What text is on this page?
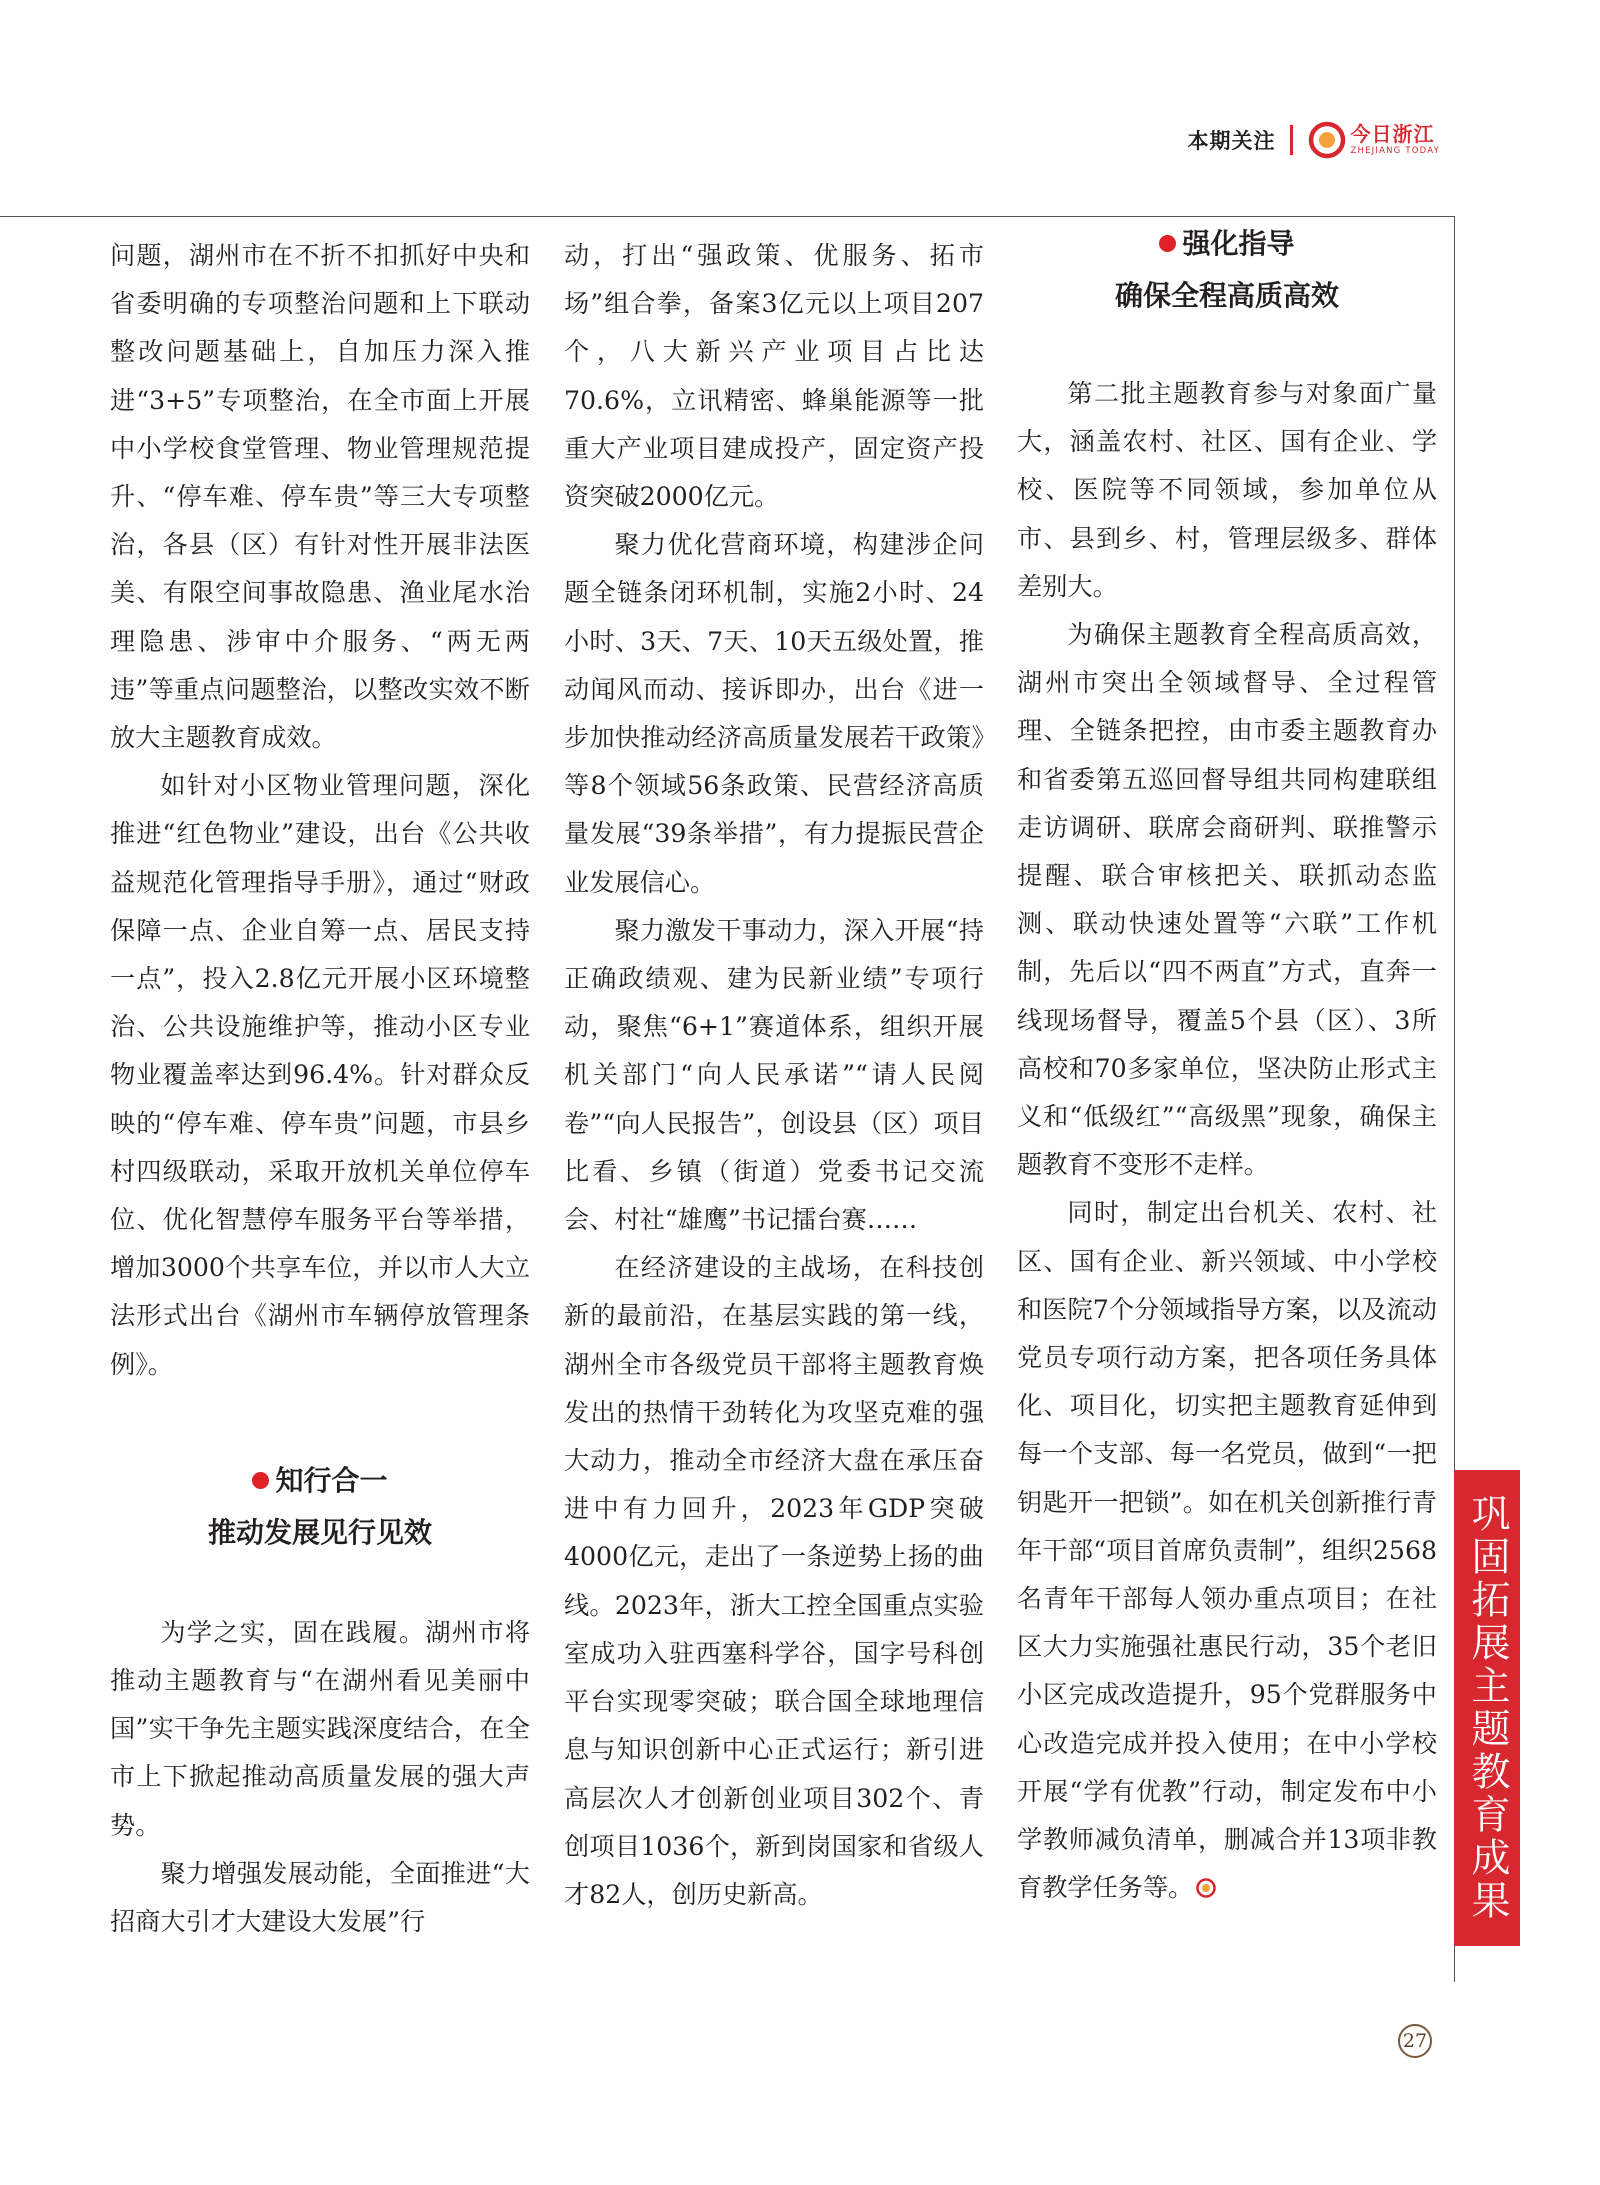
本期关注	今日浙江
ZHEJIANG TODAY

问题，湖州市在不折不扣抓好中央和省委明确的专项整治问题和上下联动整改问题基础上，自加压力深入推进“3+5”专项整治，在全市面上开展中小学校食堂管理、物业管理规范提升、“停车难、停车贵”等三大专项整治，各县（区）有针对性开展非法医美、有限空间事故隐患、渔业尾水治理隐患、涉审中介服务、“两无两违”等重点问题整治，以整改实效不断放大主题教育成效。

如针对小区物业管理问题，深化推进“红色物业”建设，出台《公共收益规范化管理指导手册》，通过“财政保障一点、企业自筹一点、居民支持一点”，投入2.8亿元开展小区环境整治、公共设施维护等，推动小区专业物业覆盖率达到96.4%。针对群众反映的“停车难、停车贵”问题，市县乡村四级联动，采取开放机关单位停车位、优化智慧停车服务平台等举措，增加3000个共享车位，并以市人大立法形式出台《湖州市车辆停放管理条例》。

知行合一
推动发展见行见效

为学之实，固在践履。湖州市将推动主题教育与“在湖州看见美丽中国”实干争先主题实践深度结合，在全市上下掀起推动高质量发展的强大声势。

聚力增强发展动能，全面推进“大招商大引才大建设大发展”行

动，打出“强政策、优服务、拓市场”组合拳，备案3亿元以上项目207个，八大新兴产业项目占比达70.6%，立讯精密、蜂巢能源等一批重大产业项目建成投产，固定资产投资突破2000亿元。

聚力优化营商环境，构建涉企问题全链条闭环机制，实施2小时、24小时、3天、7天、10天五级处置，推动闻风而动、接诉即办，出台《进一步加快推动经济高质量发展若干政策》等8个领域56条政策、民营经济高质量发展“39条举措”，有力提振民营企业发展信心。

聚力激发干事动力，深入开展“持正确政绩观、建为民新业绩”专项行动，聚焦“6+1”赛道体系，组织开展机关部门“向人民承诺”“请人民阅卷”“向人民报告”，创设县（区）项目比看、乡镇（街道）党委书记交流会、村社“雄鹰”书记擂台赛……

在经济建设的主战场，在科技创新的最前沿，在基层实践的第一线，湖州全市各级党员干部将主题教育焕发出的热情干劲转化为攻坚克难的强大动力，推动全市经济大盘在承压奋进中有力回升，2023年GDP突破4000亿元，走出了一条逆势上扬的曲线。2023年，浙大工控全国重点实验室成功入驻西塞科学谷，国字号科创平台实现零突破；联合国全球地理信息与知识创新中心正式运行；新引进高层次人才创新创业项目302个、青创项目1036个，新到岗国家和省级人才82人，创历史新高。

强化指导
确保全程高质高效

第二批主题教育参与对象面广量大，涵盖农村、社区、国有企业、学校、医院等不同领域，参加单位从市、县到乡、村，管理层级多、群体差别大。

为确保主题教育全程高质高效，湖州市突出全领域督导、全过程管理、全链条把控，由市委主题教育办和省委第五巡回督导组共同构建联组走访调研、联席会商研判、联推警示提醒、联合审核把关、联抓动态监测、联动快速处置等“六联”工作机制，先后以“四不两直”方式，直奔一线现场督导，覆盖5个县（区）、3所高校和70多家单位，坚决防止形式主义和“低级红”“高级黑”现象，确保主题教育不变形不走样。

同时，制定出台机关、农村、社区、国有企业、新兴领域、中小学校和医院7个分领域指导方案，以及流动党员专项行动方案，把各项任务具体化、项目化，切实把主题教育延伸到每一个支部、每一名党员，做到“一把钥匙开一把锁”。如在机关创新推行青年干部“项目首席负责制”，组织2568名青年干部每人领办重点项目；在社区大力实施强社惠民行动，35个老旧小区完成改造提升，95个党群服务中心改造完成并投入使用；在中小学校开展“学有优教”行动，制定发布中小学教师减负清单，删减合并13项非教育教学任务等。	巩固拓展主题教育成果
27
